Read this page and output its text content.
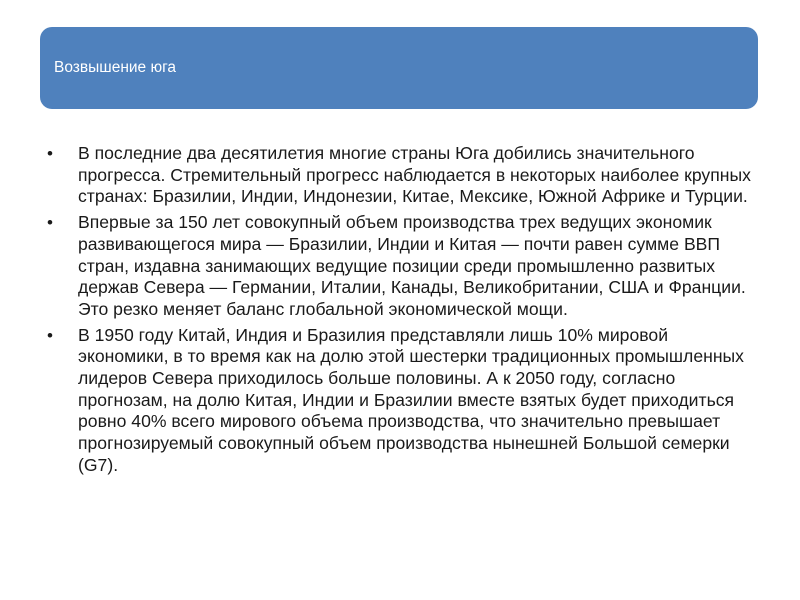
Возвышение юга
• В последние два десятилетия многие страны Юга добились значительного прогресса. Стремительный прогресс наблюдается в некоторых наиболее крупных странах: Бразилии, Индии, Индонезии, Китае, Мексике, Южной Африке и Турции.
• Впервые за 150 лет совокупный объем производства трех ведущих экономик развивающегося мира — Бразилии, Индии и Китая — почти равен сумме ВВП стран, издавна занимающих ведущие позиции среди промышленно развитых держав Севера — Германии, Италии, Канады, Великобритании, США и Франции. Это резко меняет баланс глобальной экономической мощи.
• В 1950 году Китай, Индия и Бразилия представляли лишь 10% мировой экономики, в то время как на долю этой шестерки традиционных промышленных лидеров Севера приходилось больше половины. А к 2050 году, согласно прогнозам, на долю Китая, Индии и Бразилии вместе взятых будет приходиться ровно 40% всего мирового объема производства, что значительно превышает прогнозируемый совокупный объем производства нынешней Большой семерки (G7).
